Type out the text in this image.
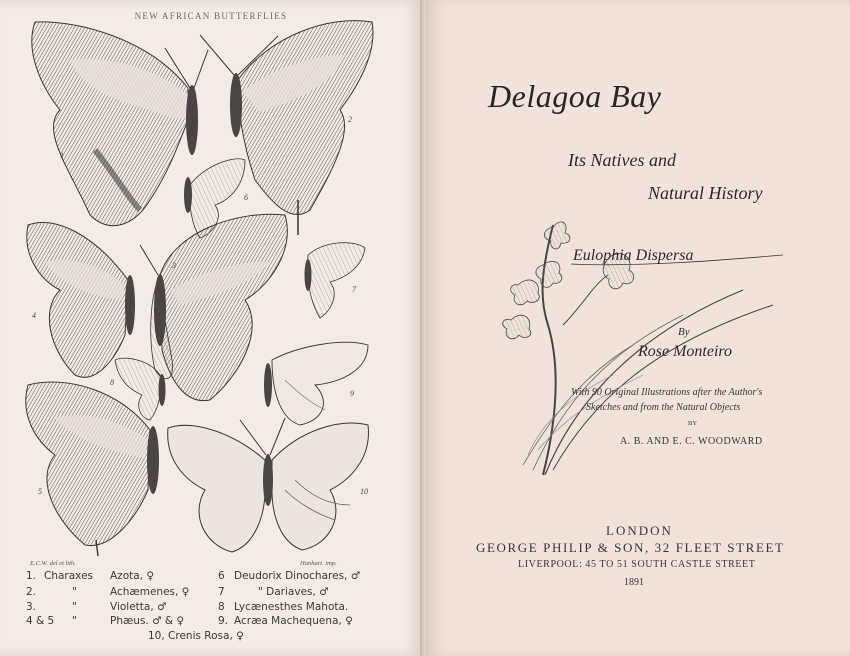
NEW AFRICAN BUTTERFLIES
1
2
3
4
5
6
7
8
9
10
E.C.W. del et lith.	Hanhart. imp.
1. Charaxes Azota, ♀
2.	"	Achæmenes, ♀
3.	"	Violetta, ♂
4 & 5 "	Phæus. ♂ & ♀
6 Deudorix Dinochares, ♂
7	" Dariaves, ♂
8 Lycænesthes Mahota.
9. Acræa Machequena, ♀
10, Crenis Rosa, ♀
Delagoa Bay
Its Natives and
Natural History
Eulophia Dispersa
By
Rose Monteiro
With 90 Original Illustrations after the Author's
Sketches and from the Natural Objects
BY
A. B. AND E. C. WOODWARD
LONDON
GEORGE PHILIP & SON, 32 FLEET STREET
LIVERPOOL: 45 TO 51 SOUTH CASTLE STREET
1891
